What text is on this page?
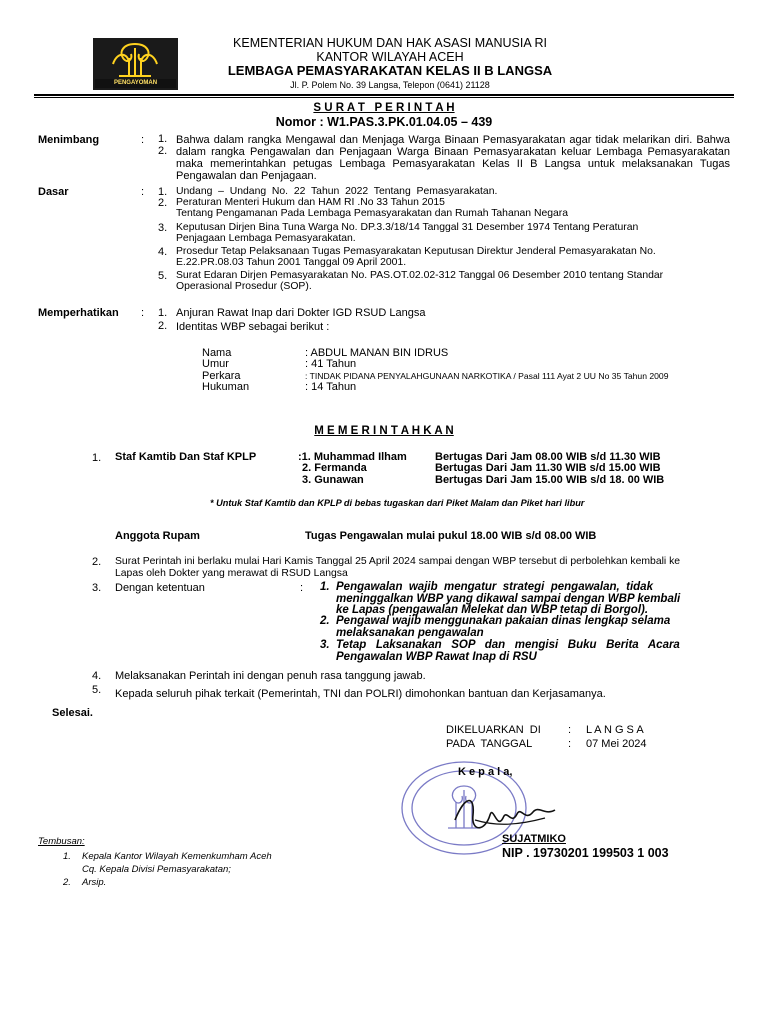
PENGAYOMAN
KEMENTERIAN HUKUM DAN HAK ASASI MANUSIA RI
KANTOR WILAYAH ACEH
LEMBAGA PEMASYARAKATAN KELAS II B LANGSA
Jl. P. Polem No. 39 Langsa, Telepon (0641) 21128
S U R A T   P E R I N T A H
Nomor : W1.PAS.3.PK.01.04.05 – 439
Menimbang	: 1.
2.
Bahwa dalam rangka Mengawal dan Menjaga Warga Binaan Pemasyarakatan agar tidak melarikan diri. Bahwa dalam rangka Pengawalan dan Penjagaan Warga Binaan Pemasyarakatan keluar Lembaga Pemasyarakatan maka memerintahkan petugas Lembaga Pemasyarakatan Kelas II B Langsa untuk melaksanakan Tugas Pengawalan dan Penjagaan.
Dasar	: 1. Undang  –  Undang  No.  22  Tahun  2022  Tentang  Pemasyarakatan.
2. Peraturan Menteri Hukum dan HAM RI .No 33 Tahun 2015
Tentang Pengamanan Pada Lembaga Pemasyarakatan dan Rumah Tahanan Negara
3. Keputusan Dirjen Bina Tuna Warga No. DP.3.3/18/14 Tanggal 31 Desember 1974 Tentang Peraturan
Penjagaan Lembaga Pemasyarakatan.
4. Prosedur Tetap Pelaksanaan Tugas Pemasyarakatan Keputusan Direktur Jenderal Pemasyarakatan No.
E.22.PR.08.03 Tahun 2001 Tanggal 09 April 2001.
5. Surat Edaran Dirjen Pemasyarakatan No. PAS.OT.02.02-312 Tanggal 06 Desember 2010 tentang Standar
Operasional Prosedur (SOP).
Memperhatikan : 1. Anjuran Rawat Inap dari Dokter IGD RSUD Langsa
2. Identitas WBP sebagai berikut :
Nama	: ABDUL MANAN BIN IDRUS
Umur	: 41 Tahun
Perkara	: TINDAK PIDANA PENYALAHGUNAAN NARKOTIKA / Pasal 111 Ayat 2 UU No 35 Tahun 2009
Hukuman	: 14 Tahun
M E M E R I N T A H K A N
1. Staf Kamtib Dan Staf KPLP	:1. Muhammad Ilham	Bertugas Dari Jam 08.00 WIB s/d 11.30 WIB
2. Fermanda	Bertugas Dari Jam 11.30 WIB s/d 15.00 WIB
3. Gunawan	Bertugas Dari Jam 15.00 WIB s/d 18. 00 WIB
* Untuk Staf Kamtib dan KPLP di bebas tugaskan dari Piket Malam dan Piket hari libur
Anggota Rupam	Tugas Pengawalan mulai pukul 18.00 WIB s/d 08.00 WIB
2. Surat Perintah ini berlaku mulai Hari Kamis Tanggal 25 April 2024 sampai dengan WBP tersebut di perbolehkan kembali ke
Lapas oleh Dokter yang merawat di RSUD Langsa
3. Dengan ketentuan	: 1. Pengawalan  wajib  mengatur  strategi  pengawalan,  tidak
meninggalkan WBP yang dikawal sampai dengan WBP kembali
ke Lapas (pengawalan Melekat dan WBP tetap di Borgol).
2. Pengawal wajib menggunakan pakaian dinas lengkap selama
melaksanakan pengawalan
3. Tetap   Laksanakan   SOP   dan   mengisi   Buku   Berita   Acara
Pengawalan WBP Rawat Inap di RSU
4. Melaksanakan Perintah ini dengan penuh rasa tanggung jawab.
5. Kepada seluruh pihak terkait (Pemerintah, TNI dan POLRI) dimohonkan bantuan dan Kerjasamanya.
Selesai.
DIKELUARKAN  DI : L A N G S A
PADA  TANGGAL	: 07 Mei 2024
K e p a l a,
SUJATMIKO
NIP . 19730201 199503 1 003
Tembusan:
1. Kepala Kantor Wilayah Kemenkumham Aceh
Cq. Kepala Divisi Pemasyarakatan;
2. Arsip.
